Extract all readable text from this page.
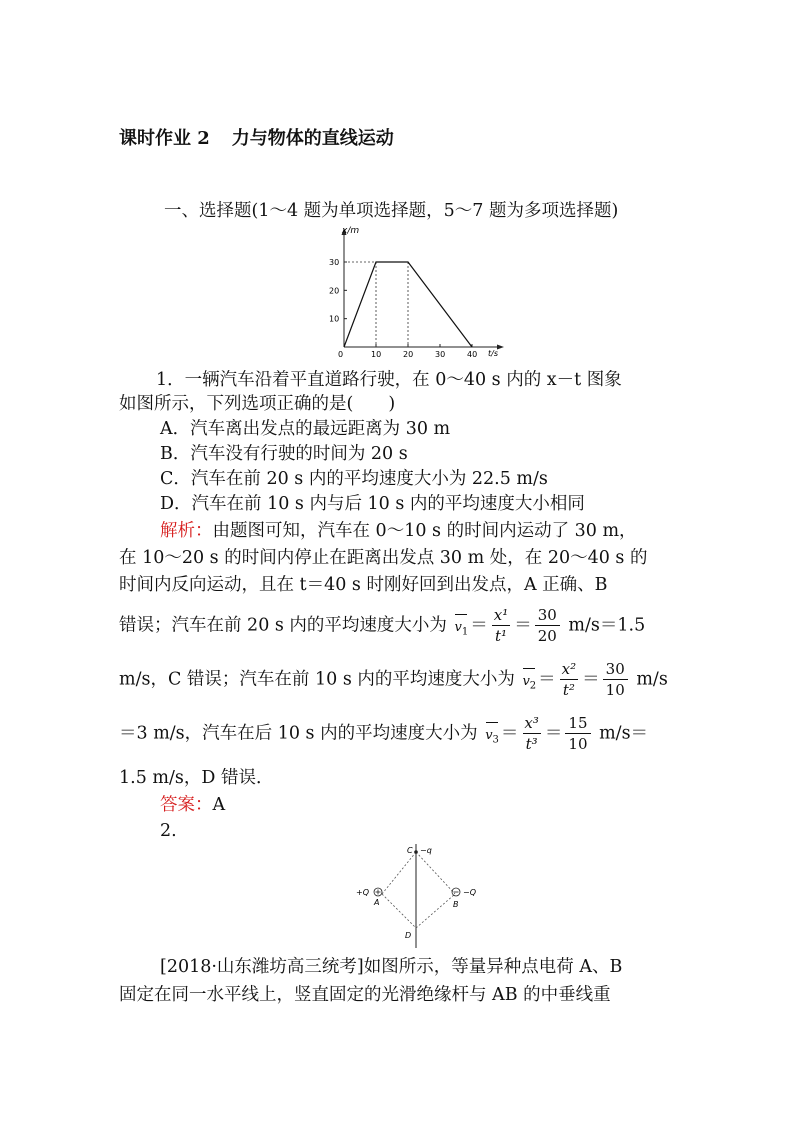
课时作业 2 力与物体的直线运动
一、选择题(1～4 题为单项选择题，5～7 题为多项选择题)
x/m
t/s
0	10	20	30	40
10
20
30
1．一辆汽车沿着平直道路行驶，在 0～40 s 内的 x－t 图象
如图所示，下列选项正确的是(　　)
A．汽车离出发点的最远距离为 30 m
B．汽车没有行驶的时间为 20 s
C．汽车在前 20 s 内的平均速度大小为 22.5 m/s
D．汽车在前 10 s 内与后 10 s 内的平均速度大小相同
解析：由题图可知，汽车在 0～10 s 的时间内运动了 30 m，
在 10～20 s 的时间内停止在距离出发点 30 m 处，在 20～40 s 的
时间内反向运动，且在 t＝40 s 时刚好回到出发点，A 正确、B
错误；汽车在前 20 s 内的平均速度大小为 $v_1 = \frac{\text{x¹}}{\text{t¹}} = \frac{30}{20} m/s=1.5$
m/s，C 错误；汽车在前 10 s 内的平均速度大小为 $v_2 = \frac{\text{x²}}{\text{t²}} = \frac{30}{10} m/s$
＝3 m/s，汽车在后 10 s 内的平均速度大小为 $v_3 = \frac{\text{x³}}{\text{t³}} = \frac{15}{10} m/s=$
1.5 m/s，D 错误．
答案：A
2.
C −q
+Q
A	B
−Q
D
[2018·山东潍坊高三统考]如图所示，等量异种点电荷 A、B
固定在同一水平线上，竖直固定的光滑绝缘杆与 AB 的中垂线重
